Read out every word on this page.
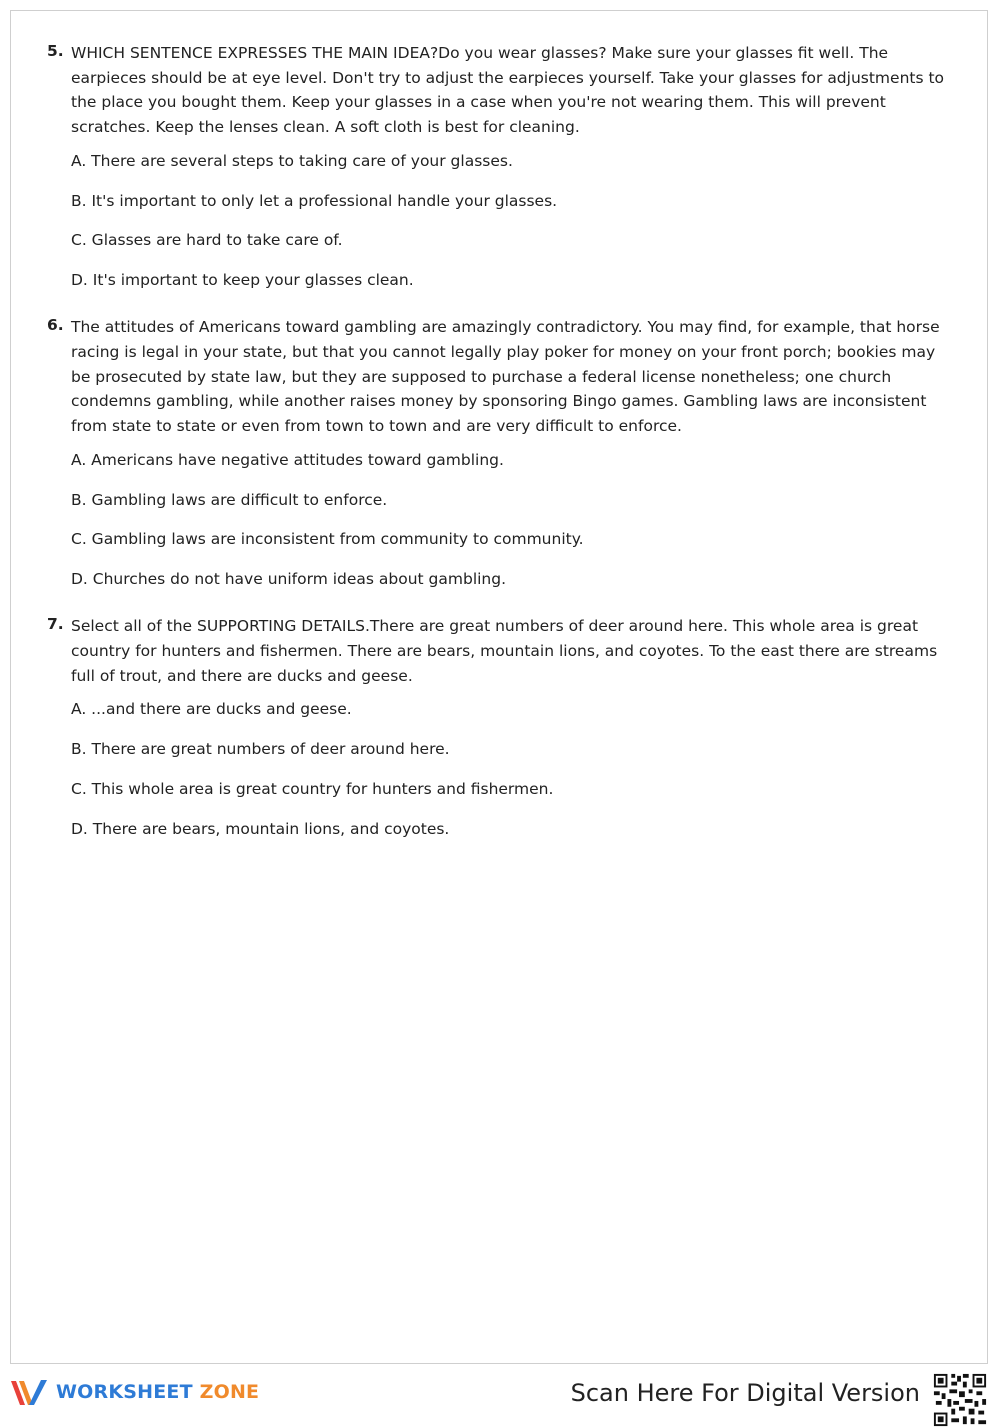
5. WHICH SENTENCE EXPRESSES THE MAIN IDEA?Do you wear glasses? Make sure your glasses fit well. The earpieces should be at eye level. Don't try to adjust the earpieces yourself. Take your glasses for adjustments to the place you bought them. Keep your glasses in a case when you're not wearing them. This will prevent scratches. Keep the lenses clean. A soft cloth is best for cleaning.
A. There are several steps to taking care of your glasses.
B. It's important to only let a professional handle your glasses.
C. Glasses are hard to take care of.
D. It's important to keep your glasses clean.
6. The attitudes of Americans toward gambling are amazingly contradictory. You may find, for example, that horse racing is legal in your state, but that you cannot legally play poker for money on your front porch; bookies may be prosecuted by state law, but they are supposed to purchase a federal license nonetheless; one church condemns gambling, while another raises money by sponsoring Bingo games. Gambling laws are inconsistent from state to state or even from town to town and are very difficult to enforce.
A. Americans have negative attitudes toward gambling.
B. Gambling laws are difficult to enforce.
C. Gambling laws are inconsistent from community to community.
D. Churches do not have uniform ideas about gambling.
7. Select all of the SUPPORTING DETAILS.There are great numbers of deer around here. This whole area is great country for hunters and fishermen. There are bears, mountain lions, and coyotes. To the east there are streams full of trout, and there are ducks and geese.
A. ...and there are ducks and geese.
B. There are great numbers of deer around here.
C. This whole area is great country for hunters and fishermen.
D. There are bears, mountain lions, and coyotes.
WORKSHEET ZONE	Scan Here For Digital Version
